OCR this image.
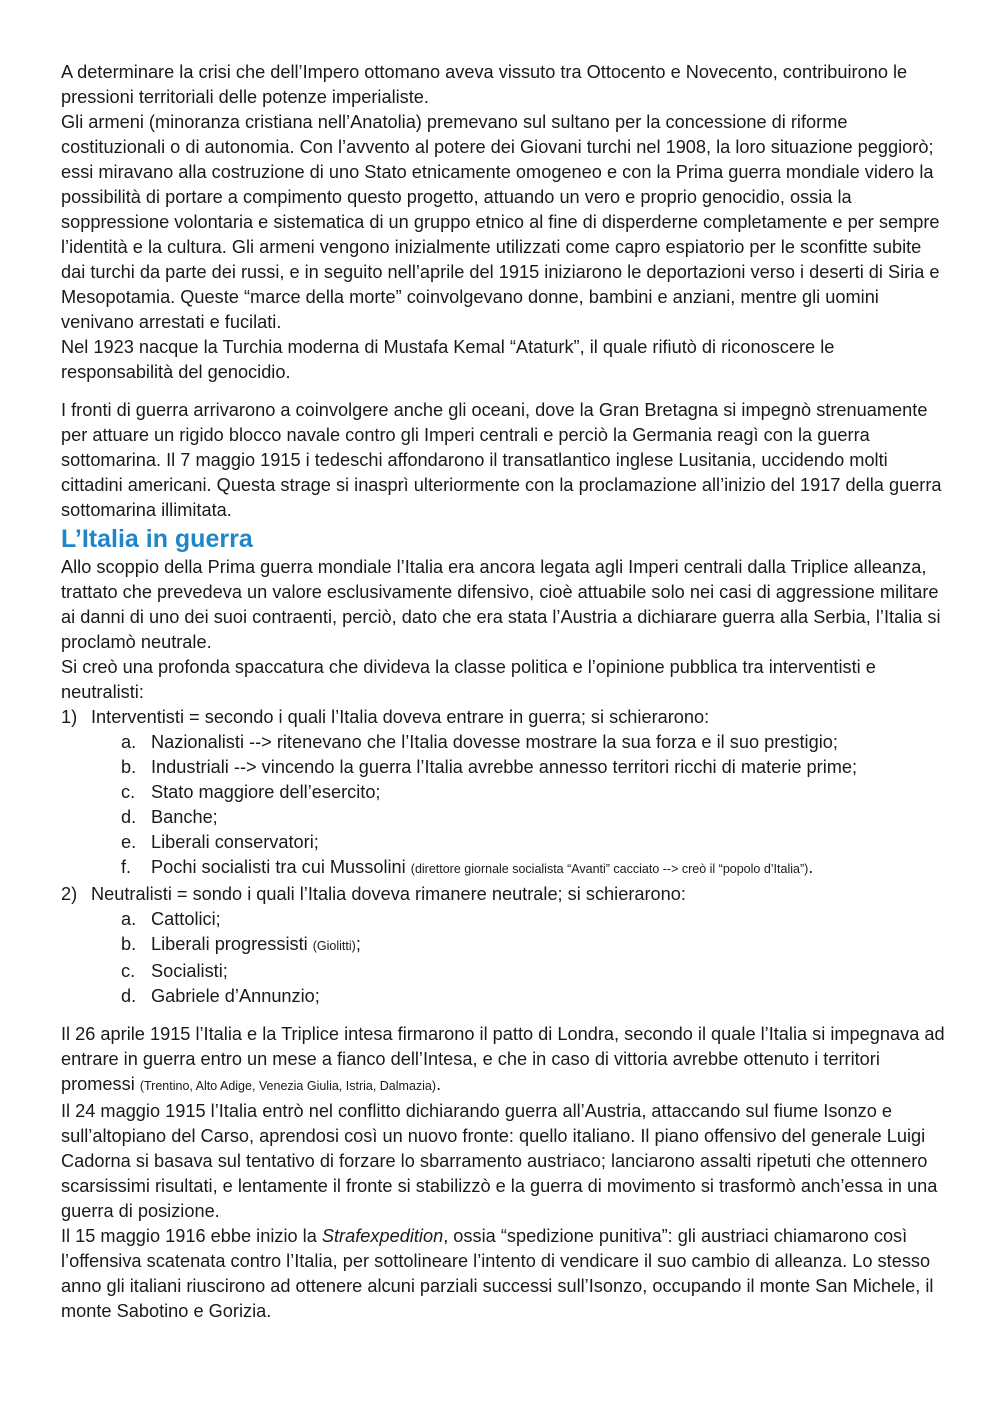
A determinare la crisi che dell’Impero ottomano aveva vissuto tra Ottocento e Novecento, contribuirono le pressioni territoriali delle potenze imperialiste.

Gli armeni (minoranza cristiana nell’Anatolia) premevano sul sultano per la concessione di riforme costituzionali o di autonomia. Con l’avvento al potere dei Giovani turchi nel 1908, la loro situazione peggiorò; essi miravano alla costruzione di uno Stato etnicamente omogeneo e con la Prima guerra mondiale videro la possibilità di portare a compimento questo progetto, attuando un vero e proprio genocidio, ossia la soppressione volontaria e sistematica di un gruppo etnico al fine di disperderne completamente e per sempre l’identità e la cultura. Gli armeni vengono inizialmente utilizzati come capro espiatorio per le sconfitte subite dai turchi da parte dei russi, e in seguito nell’aprile del 1915 iniziarono le deportazioni verso i deserti di Siria e Mesopotamia. Queste “marce della morte” coinvolgevano donne, bambini e anziani, mentre gli uomini venivano arrestati e fucilati.

Nel 1923 nacque la Turchia moderna di Mustafa Kemal “Ataturk”, il quale rifiutò di riconoscere le responsabilità del genocidio.

I fronti di guerra arrivarono a coinvolgere anche gli oceani, dove la Gran Bretagna si impegnò strenuamente per attuare un rigido blocco navale contro gli Imperi centrali e perciò la Germania reagì con la guerra sottomarina. Il 7 maggio 1915 i tedeschi affondarono il transatlantico inglese Lusitania, uccidendo molti cittadini americani. Questa strage si inasprì ulteriormente con la proclamazione all’inizio del 1917 della guerra sottomarina illimitata.

L’Italia in guerra

Allo scoppio della Prima guerra mondiale l’Italia era ancora legata agli Imperi centrali dalla Triplice alleanza, trattato che prevedeva un valore esclusivamente difensivo, cioè attuabile solo nei casi di aggressione militare ai danni di uno dei suoi contraenti, perciò, dato che era stata l’Austria a dichiarare guerra alla Serbia, l’Italia si proclamò neutrale.

Si creò una profonda spaccatura che divideva la classe politica e l’opinione pubblica tra interventisti e neutralisti:

1) Interventisti = secondo i quali l’Italia doveva entrare in guerra; si schierarono:
a. Nazionalisti --> ritenevano che l’Italia dovesse mostrare la sua forza e il suo prestigio;
b. Industriali --> vincendo la guerra l’Italia avrebbe annesso territori ricchi di materie prime;
c. Stato maggiore dell’esercito;
d. Banche;
e. Liberali conservatori;
f. Pochi socialisti tra cui Mussolini (direttore giornale socialista “Avanti” cacciato --> creò il “popolo d’Italia”).
2) Neutralisti = sondo i quali l’Italia doveva rimanere neutrale; si schierarono:
a. Cattolici;
b. Liberali progressisti (Giolitti);
c. Socialisti;
d. Gabriele d’Annunzio;

Il 26 aprile 1915 l’Italia e la Triplice intesa firmarono il patto di Londra, secondo il quale l’Italia si impegnava ad entrare in guerra entro un mese a fianco dell’Intesa, e che in caso di vittoria avrebbe ottenuto i territori promessi (Trentino, Alto Adige, Venezia Giulia, Istria, Dalmazia).

Il 24 maggio 1915 l’Italia entrò nel conflitto dichiarando guerra all’Austria, attaccando sul fiume Isonzo e sull’altopiano del Carso, aprendosi così un nuovo fronte: quello italiano. Il piano offensivo del generale Luigi Cadorna si basava sul tentativo di forzare lo sbarramento austriaco; lanciarono assalti ripetuti che ottennero scarsissimi risultati, e lentamente il fronte si stabilizzò e la guerra di movimento si trasformò anch’essa in una guerra di posizione.

Il 15 maggio 1916 ebbe inizio la Strafexpedition, ossia “spedizione punitiva”: gli austriaci chiamarono così l’offensiva scatenata contro l’Italia, per sottolineare l’intento di vendicare il suo cambio di alleanza. Lo stesso anno gli italiani riuscirono ad ottenere alcuni parziali successi sull’Isonzo, occupando il monte San Michele, il monte Sabotino e Gorizia.
